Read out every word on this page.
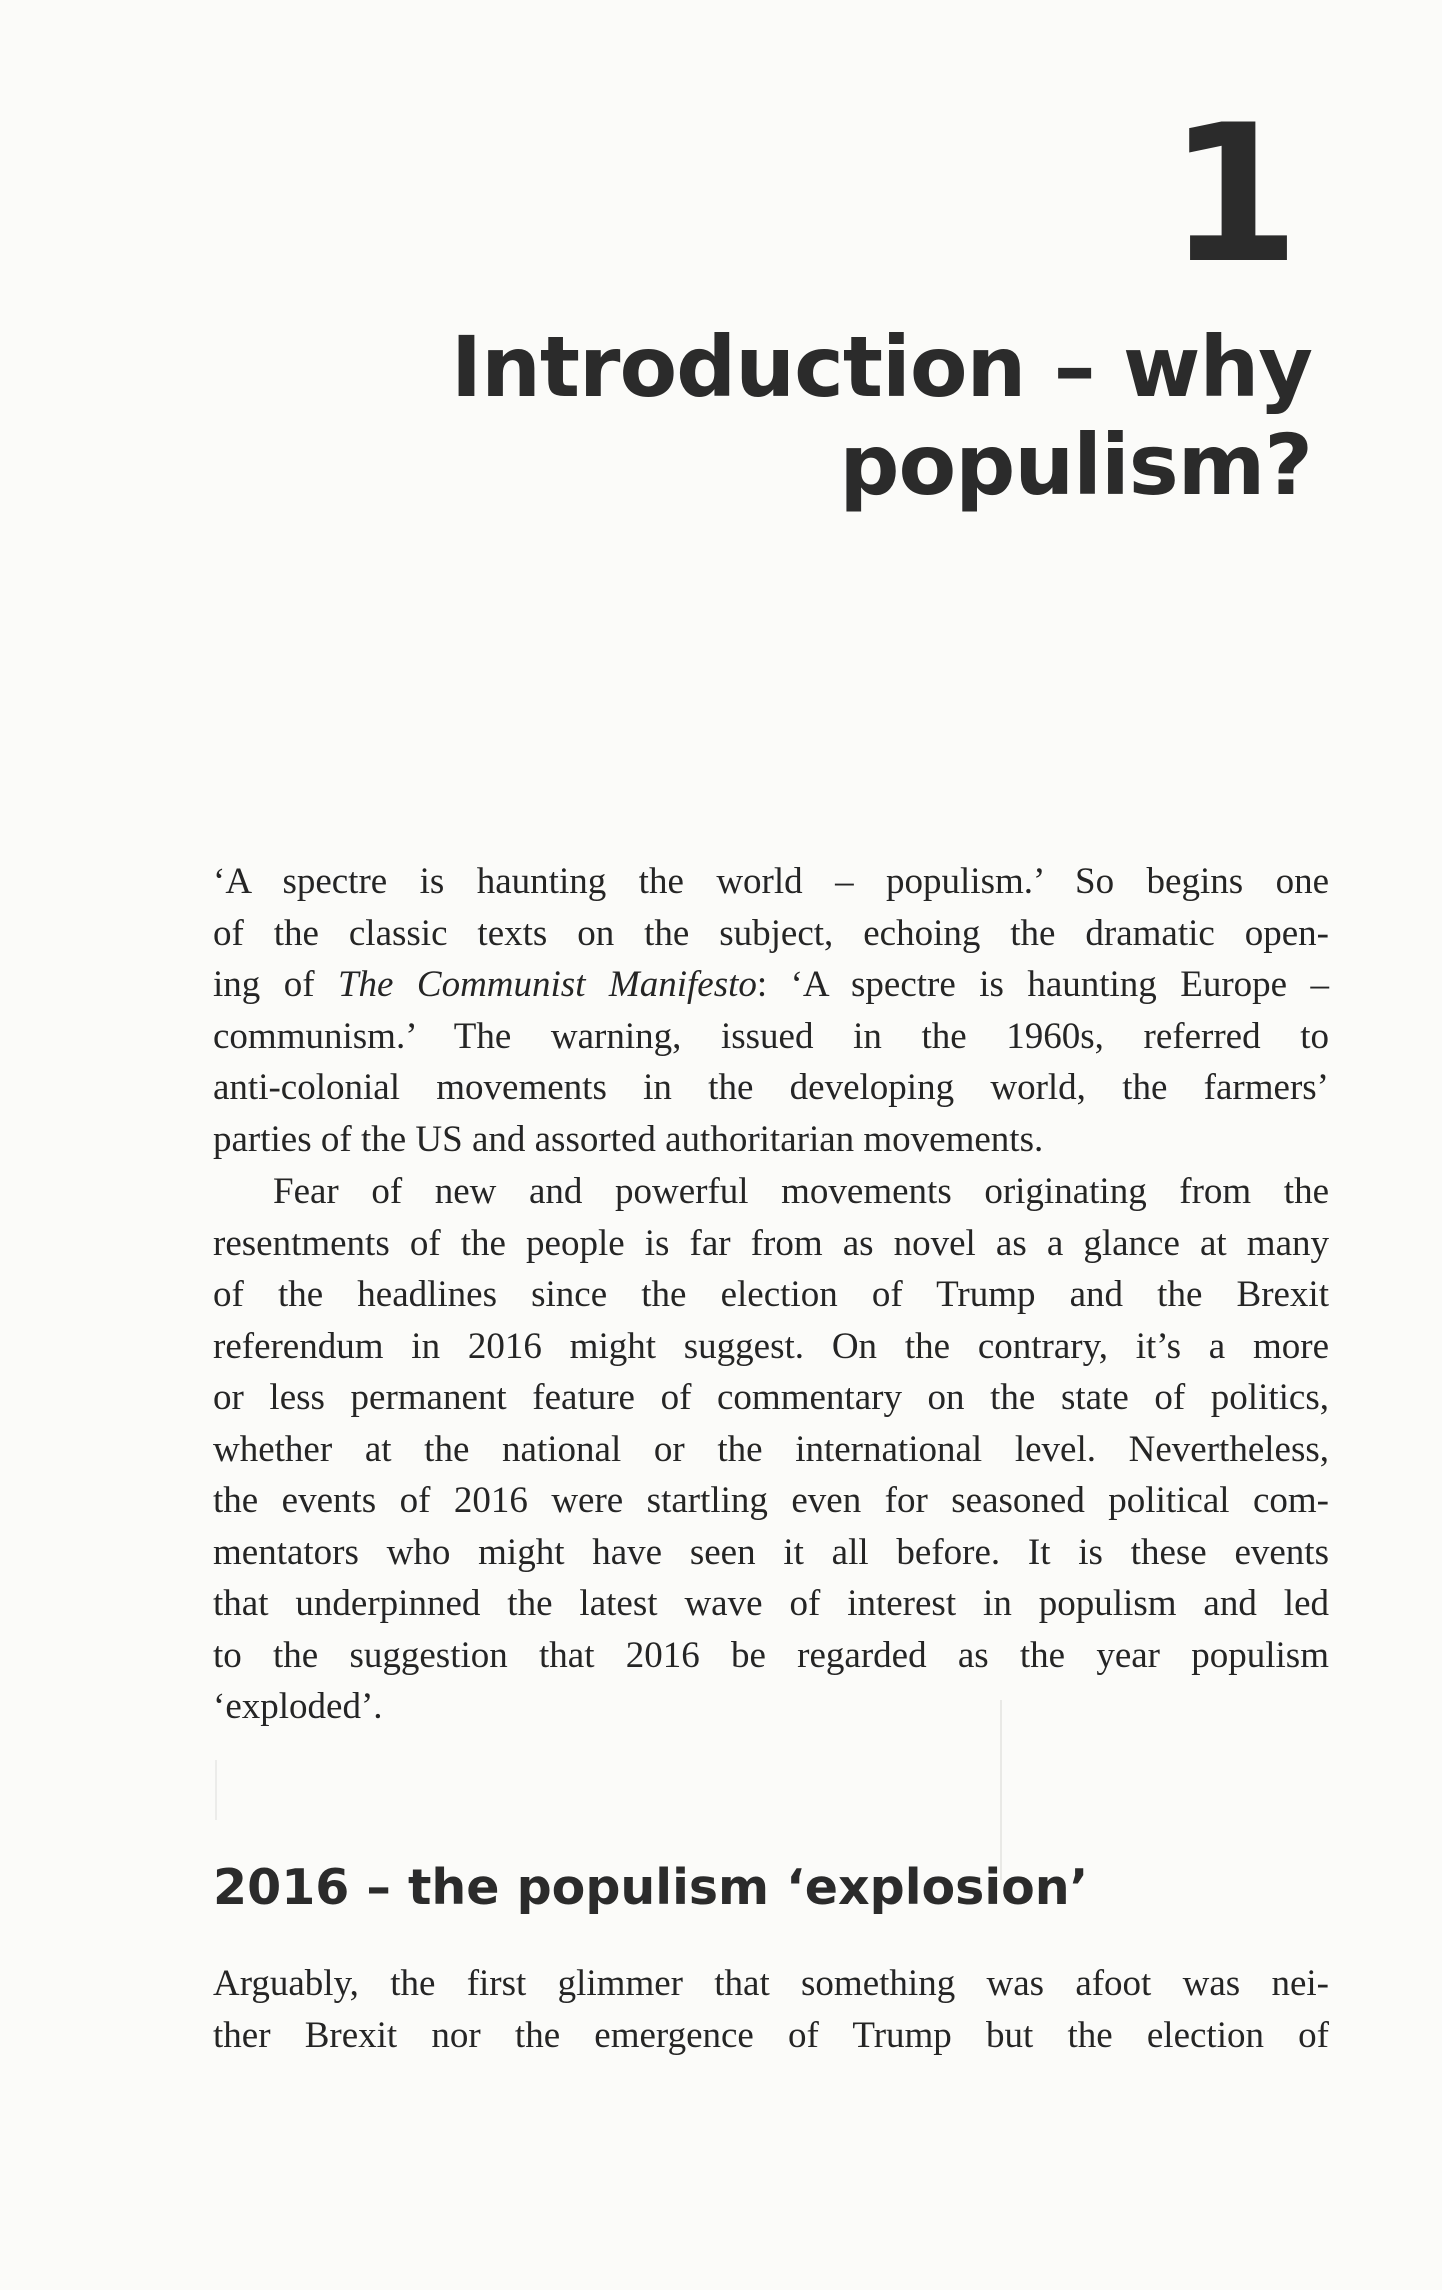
1
Introduction – why
populism?
‘A spectre is haunting the world – populism.’ So begins one
of the classic texts on the subject, echoing the dramatic open-
ing of The Communist Manifesto: ‘A spectre is haunting Europe –
communism.’ The warning, issued in the 1960s, referred to
anti-colonial movements in the developing world, the farmers’
parties of the US and assorted authoritarian movements.
Fear of new and powerful movements originating from the
resentments of the people is far from as novel as a glance at many
of the headlines since the election of Trump and the Brexit
referendum in 2016 might suggest. On the contrary, it’s a more
or less permanent feature of commentary on the state of politics,
whether at the national or the international level. Nevertheless,
the events of 2016 were startling even for seasoned political com-
mentators who might have seen it all before. It is these events
that underpinned the latest wave of interest in populism and led
to the suggestion that 2016 be regarded as the year populism
‘exploded’.
2016 – the populism ‘explosion’
Arguably, the first glimmer that something was afoot was nei-
ther Brexit nor the emergence of Trump but the election of
